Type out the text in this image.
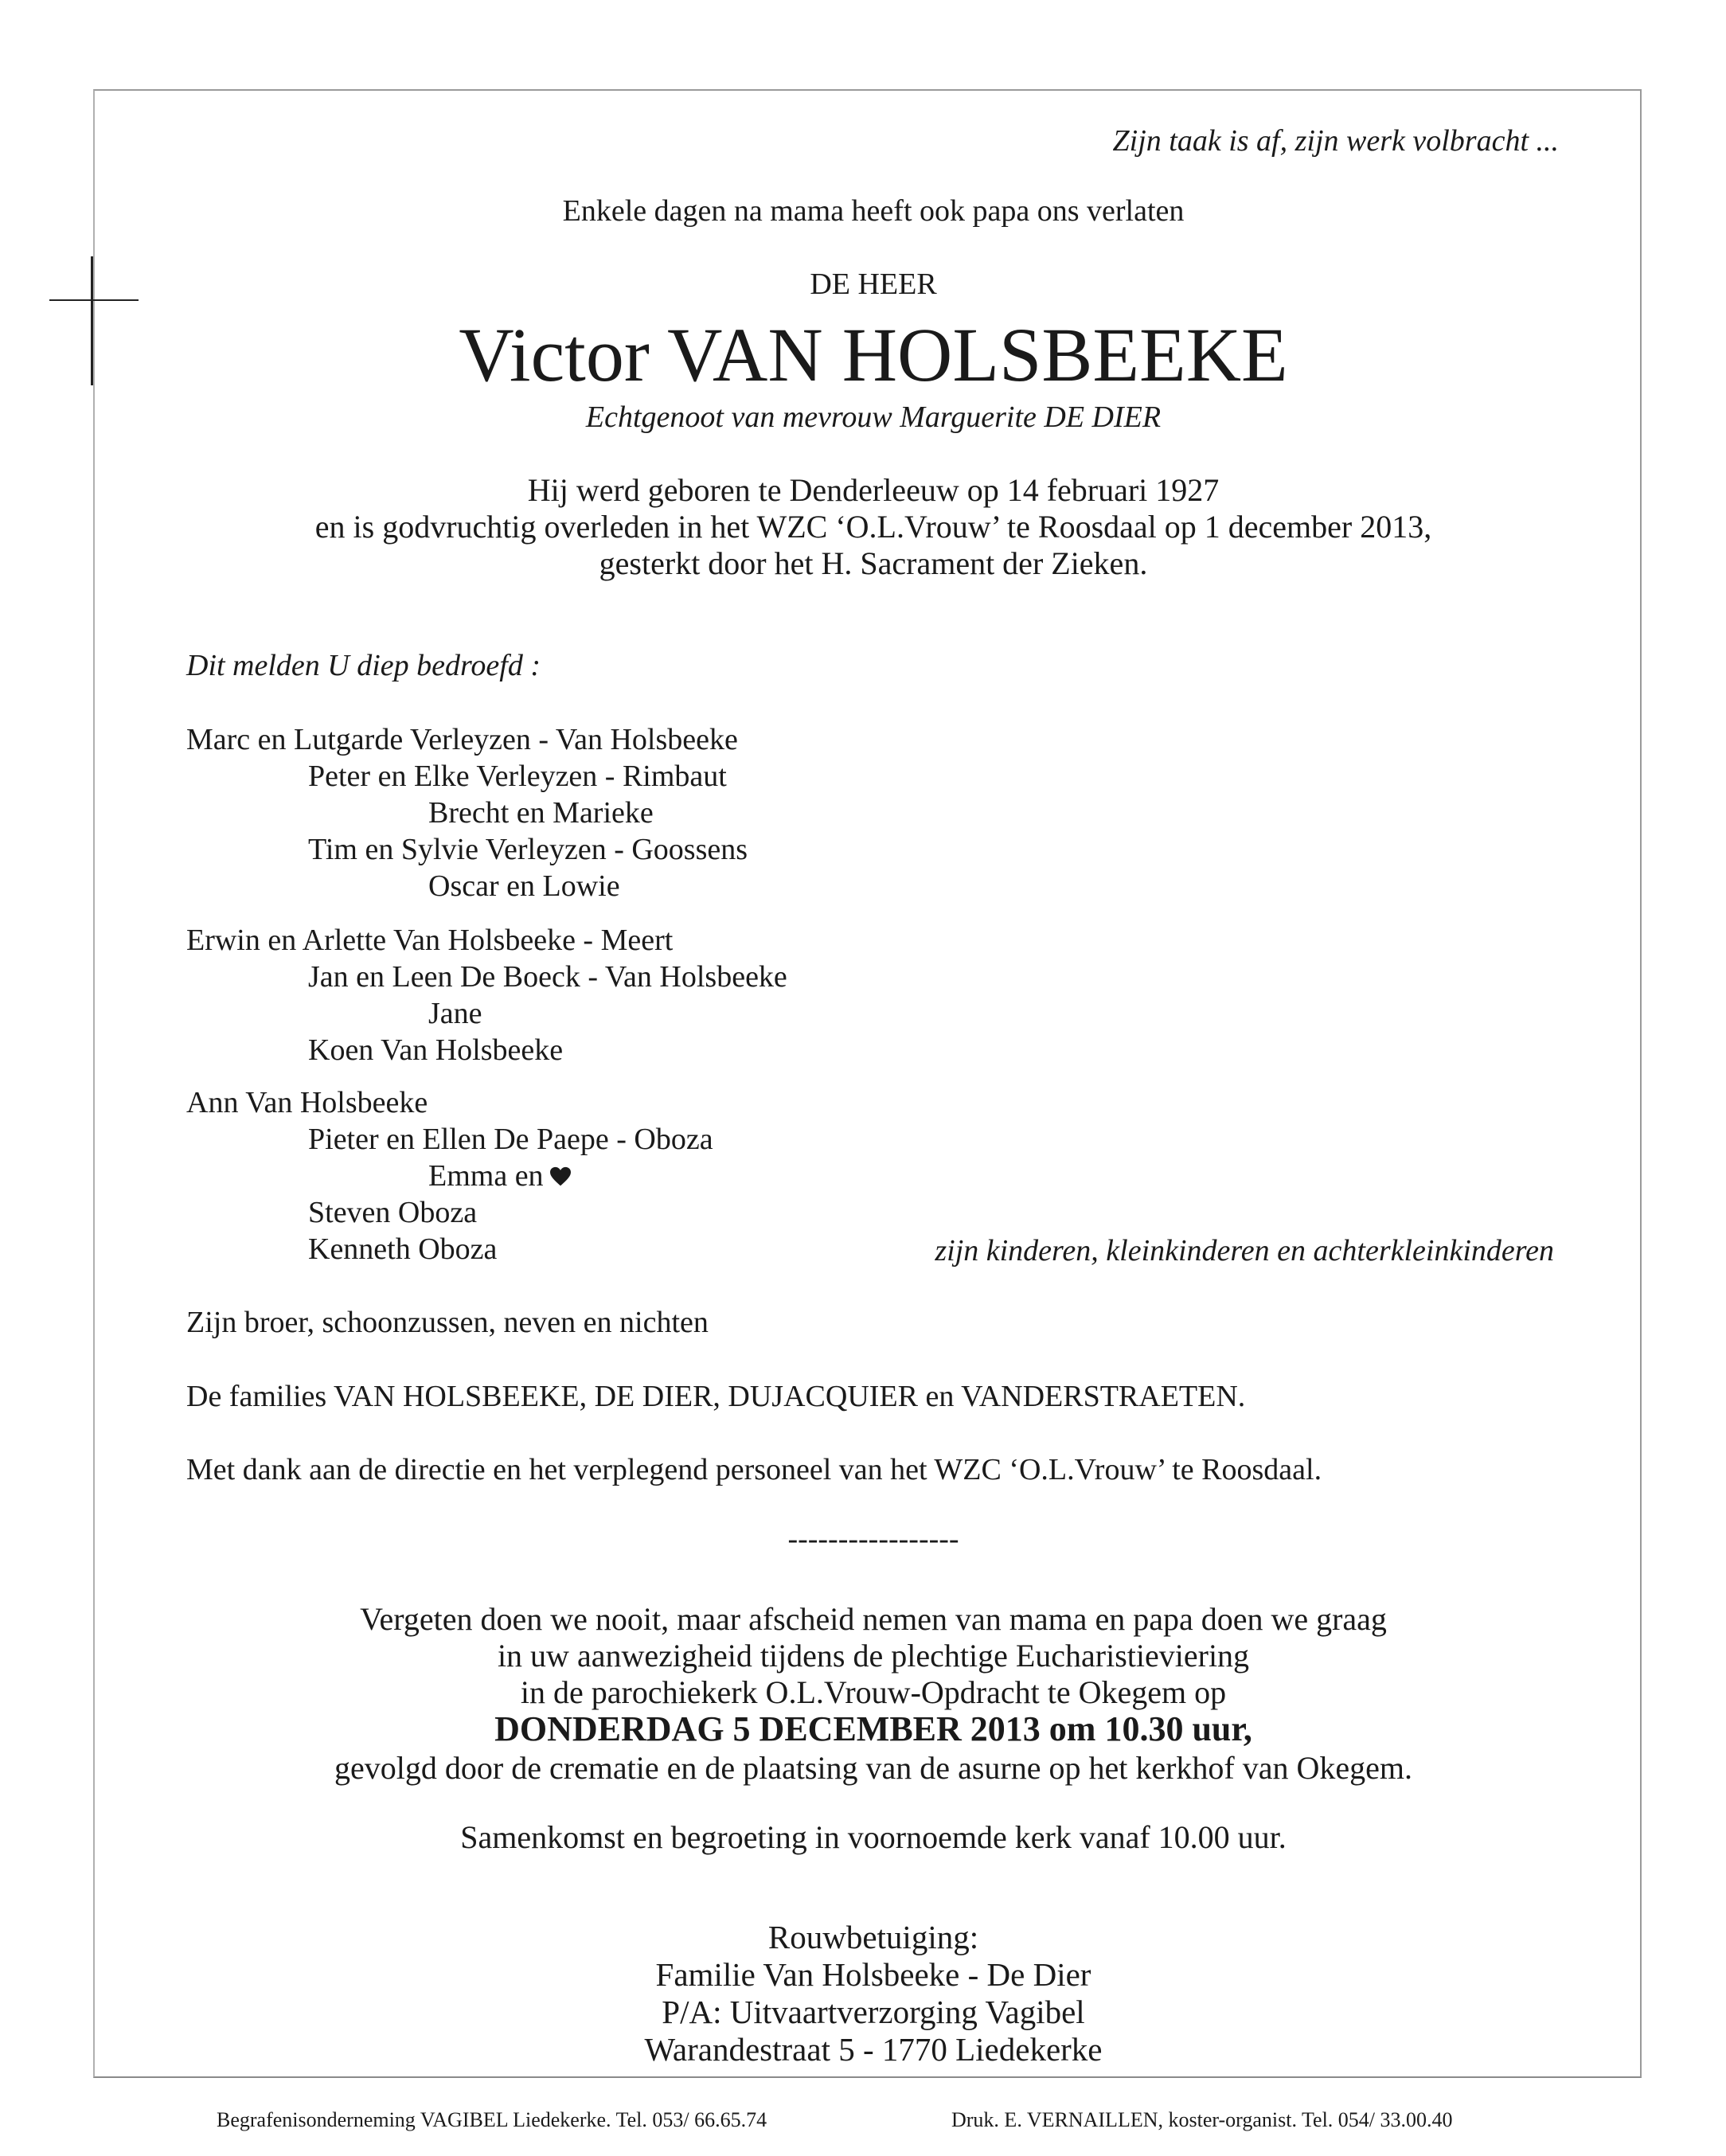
Zijn taak is af, zijn werk volbracht ...

Enkele dagen na mama heeft ook papa ons verlaten

DE HEER

Victor VAN HOLSBEEKE

Echtgenoot van mevrouw Marguerite DE DIER

Hij werd geboren te Denderleeuw op 14 februari 1927

en is godvruchtig overleden in het WZC ‘O.L.Vrouw’ te Roosdaal op 1 december 2013,

gesterkt door het H. Sacrament der Zieken.

Dit melden U diep bedroefd :

Marc en Lutgarde Verleyzen - Van Holsbeeke

Peter en Elke Verleyzen - Rimbaut

Brecht en Marieke

Tim en Sylvie Verleyzen - Goossens

Oscar en Lowie

Erwin en Arlette Van Holsbeeke - Meert

Jan en Leen De Boeck - Van Holsbeeke

Jane

Koen Van Holsbeeke

Ann Van Holsbeeke

Pieter en Ellen De Paepe - Oboza

Emma en

Steven Oboza

Kenneth Oboza	zijn kinderen, kleinkinderen en achterkleinkinderen

Zijn broer, schoonzussen, neven en nichten

De families VAN HOLSBEEKE, DE DIER, DUJACQUIER en VANDERSTRAETEN.

Met dank aan de directie en het verplegend personeel van het WZC ‘O.L.Vrouw’ te Roosdaal.

-----------------

Vergeten doen we nooit, maar afscheid nemen van mama en papa doen we graag

in uw aanwezigheid tijdens de plechtige Eucharistieviering

in de parochiekerk O.L.Vrouw-Opdracht te Okegem op

DONDERDAG 5 DECEMBER 2013 om 10.30 uur,

gevolgd door de crematie en de plaatsing van de asurne op het kerkhof van Okegem.

Samenkomst en begroeting in voornoemde kerk vanaf 10.00 uur.

Rouwbetuiging:

Familie Van Holsbeeke - De Dier

P/A: Uitvaartverzorging Vagibel

Warandestraat 5 - 1770 Liedekerke

Begrafenisonderneming VAGIBEL Liedekerke. Tel. 053/ 66.65.74	Druk. E. VERNAILLEN, koster-organist. Tel. 054/ 33.00.40
